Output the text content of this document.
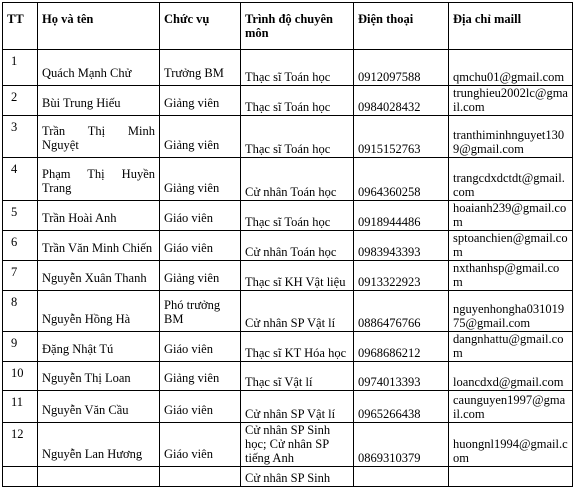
TT	Họ và tên	Chức vụ	Trình độ chuyên môn	Điện thoại	Địa chỉ maill

1	Quách Mạnh Chử	Trưởng BM	Thạc sĩ Toán học	0912097588	qmchu01@gmail.com

2	Bùi Trung Hiếu	Giảng viên	Thạc sĩ Toán học	0984028432	trunghieu2002lc@gmail.com

3	Trần Thị Minh Nguyệt	Giảng viên	Thạc sĩ Toán học	0915152763	tranthiminhnguyet1309@gmail.com

4	Phạm Thị Huyền Trang	Giảng viên	Cử nhân Toán học	0964360258	trangcdxdctdt@gmail.com

5	Trần Hoài Anh	Giáo viên	Thạc sĩ Toán học	0918944486	hoaianh239@gmail.com

6	Trần Văn Minh Chiến	Giáo viên	Cử nhân Toán học	0983943393	sptoanchien@gmail.com

7	Nguyễn Xuân Thanh	Giảng viên	Thạc sĩ KH Vật liệu	0913322923	nxthanhsp@gmail.com

8	Nguyễn Hồng Hà	Phó trưởng BM	Cử nhân SP Vật lí	0886476766	nguyenhongha03101975@gmail.com

9	Đặng Nhật Tú	Giáo viên	Thạc sĩ KT Hóa học	0968686212	dangnhattu@gmail.com

10	Nguyễn Thị Loan	Giảng viên	Thạc sĩ Vật lí	0974013393	loancdxd@gmail.com

11	Nguyễn Văn Cầu	Giáo viên	Cử nhân SP Vật lí	0965266438	caunguyen1997@gmail.com

12	Nguyễn Lan Hương	Giáo viên	Cử nhân SP Sinh học; Cử nhân SP tiếng Anh	0869310379	huongnl1994@gmail.com

			Cử nhân SP Sinh		
